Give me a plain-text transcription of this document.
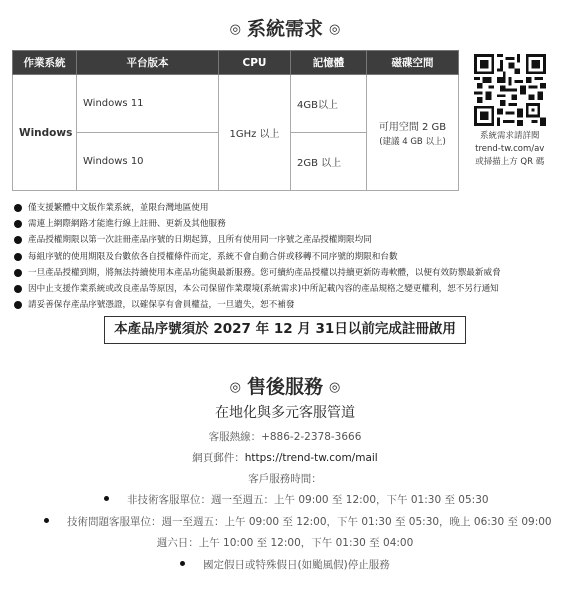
◎ 系統需求 ◎
作業系統	平台版本	CPU	記憶體	磁碟空間	系統需求請詳閱
trend-tw.com/av
或掃描上方 QR 碼

Windows	Windows 11	1GHz 以上	4GB以上	可用空間 2 GB
(建議 4 GB 以上)	

	Windows 10		2GB 以上		
僅支援繁體中文版作業系統，並限台灣地區使用
需連上網際網路才能進行線上註冊、更新及其他服務
產品授權期限以第一次註冊產品序號的日期起算，且所有使用同一序號之產品授權期限均同
每組序號的使用期限及台數依各自授權條件而定，系統不會自動合併或移轉不同序號的期限和台數
一旦產品授權到期，將無法持續使用本產品功能與最新服務。您可續約產品授權以持續更新防毒軟體，以便有效防禦最新威脅
因中止支援作業系統或改良產品等原因，本公司保留作業環境(系統需求)中所記載內容的產品規格之變更權利，恕不另行通知
請妥善保存產品序號憑證，以確保享有會員權益，一旦遺失，恕不補發
本產品序號須於 2027 年 12 月 31日以前完成註冊啟用
◎ 售後服務 ◎
在地化與多元客服管道
客服熱線：+886-2-2378-3666
網頁郵件：https://trend-tw.com/mail
客戶服務時間：
非技術客服單位：週一至週五：上午 09:00 至 12:00，下午 01:30 至 05:30
技術問題客服單位：週一至週五：上午 09:00 至 12:00，下午 01:30 至 05:30，晚上 06:30 至 09:00
週六日：上午 10:00 至 12:00，下午 01:30 至 04:00
國定假日或特殊假日(如颱風假)停止服務
